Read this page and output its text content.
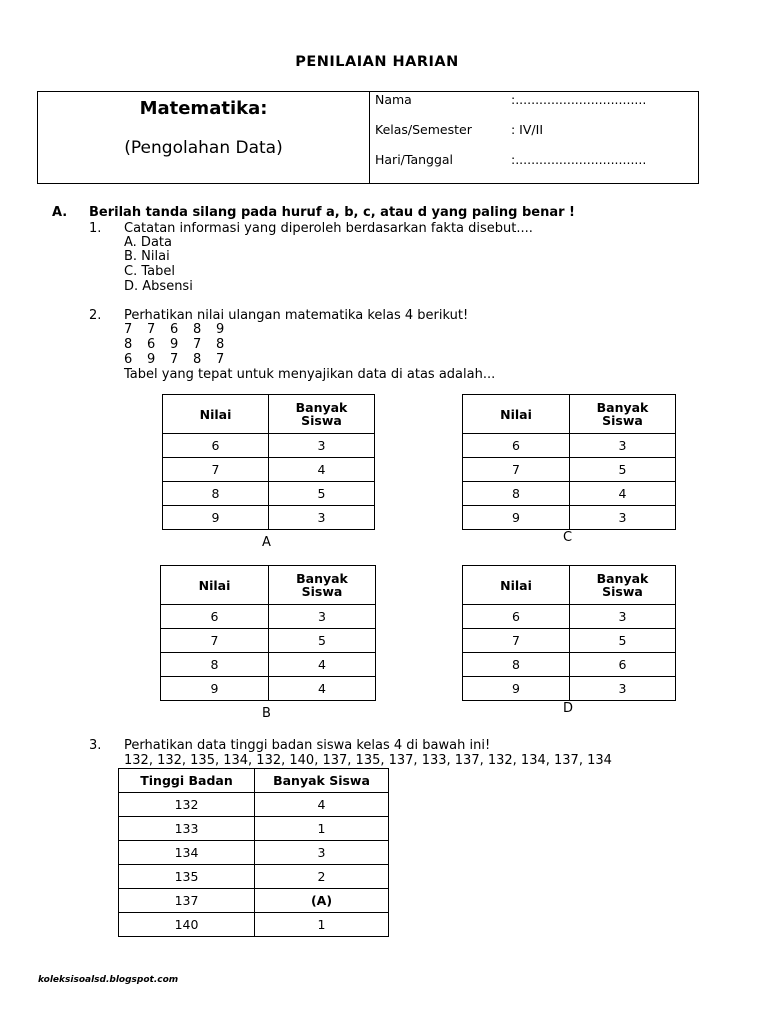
PENILAIAN HARIAN
Matematika:
(Pengolahan Data)
Nama	:.................................
Kelas/Semester	: IV/II
Hari/Tanggal	:.................................
A. Berilah tanda silang pada huruf a, b, c, atau d yang paling benar !
1. Catatan informasi yang diperoleh berdasarkan fakta disebut....
A. Data
B. Nilai
C. Tabel
D. Absensi
2. Perhatikan nilai ulangan matematika kelas 4 berikut!
7 7 6 8 9
8 6 9 7 8
6 9 7 8 7
Tabel yang tepat untuk menyajikan data di atas adalah...
Nilai	Banyak
Siswa
6	3
7	4
8	5
9	3
A
Nilai	Banyak
Siswa
6	3
7	5
8	4
9	3
C
Nilai	Banyak
Siswa
6	3
7	5
8	4
9	4
B
Nilai	Banyak
Siswa
6	3
7	5
8	6
9	3
D
3. Perhatikan data tinggi badan siswa kelas 4 di bawah ini!
132, 132, 135, 134, 132, 140, 137, 135, 137, 133, 137, 132, 134, 137, 134
Tinggi Badan	Banyak Siswa
132	4
133	1
134	3
135	2
137	(A)
140	1
koleksisoalsd.blogspot.com
